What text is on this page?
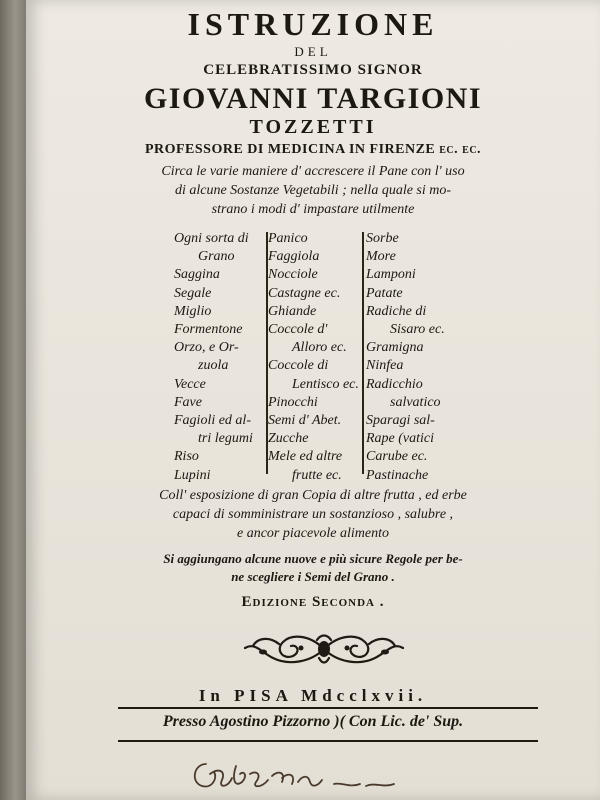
ISTRUZIONE
DEL
CELEBRATISSIMO SIGNOR
GIOVANNI TARGIONI
TOZZETTI
PROFESSORE DI MEDICINA IN FIRENZE ec. ec.
Circa le varie maniere d' accrescere il Pane con l' uso
di alcune Sostanze Vegetabili ; nella quale si mo-
strano i modi d' impastare utilmente
Ogni sorta di
Grano
Saggina
Segale
Miglio
Formentone
Orzo, e Or-
zuola
Vecce
Fave
Fagioli ed al-
tri legumi
Riso
Lupini
Panico
Faggiola
Nocciole
Castagne ec.
Ghiande
Coccole d'
Alloro ec.
Coccole di
Lentisco ec.
Pinocchi
Semi d' Abet.
Zucche
Mele ed altre
frutte ec.
Sorbe
More
Lamponi
Patate
Radiche di
Sisaro ec.
Gramigna
Ninfea
Radicchio
salvatico
Sparagi sal-
Rape (vatici
Carube ec.
Pastinache
Coll' esposizione di gran Copia di altre frutta , ed erbe
capaci di somministrare un sostanzioso , salubre ,
e ancor piacevole alimento
Si aggiungano alcune nuove e più sicure Regole per be-
ne scegliere i Semi del Grano .
Edizione Seconda .
In PISA Mdcclxvii.
Presso Agostino Pizzorno )( Con Lic. de' Sup.
